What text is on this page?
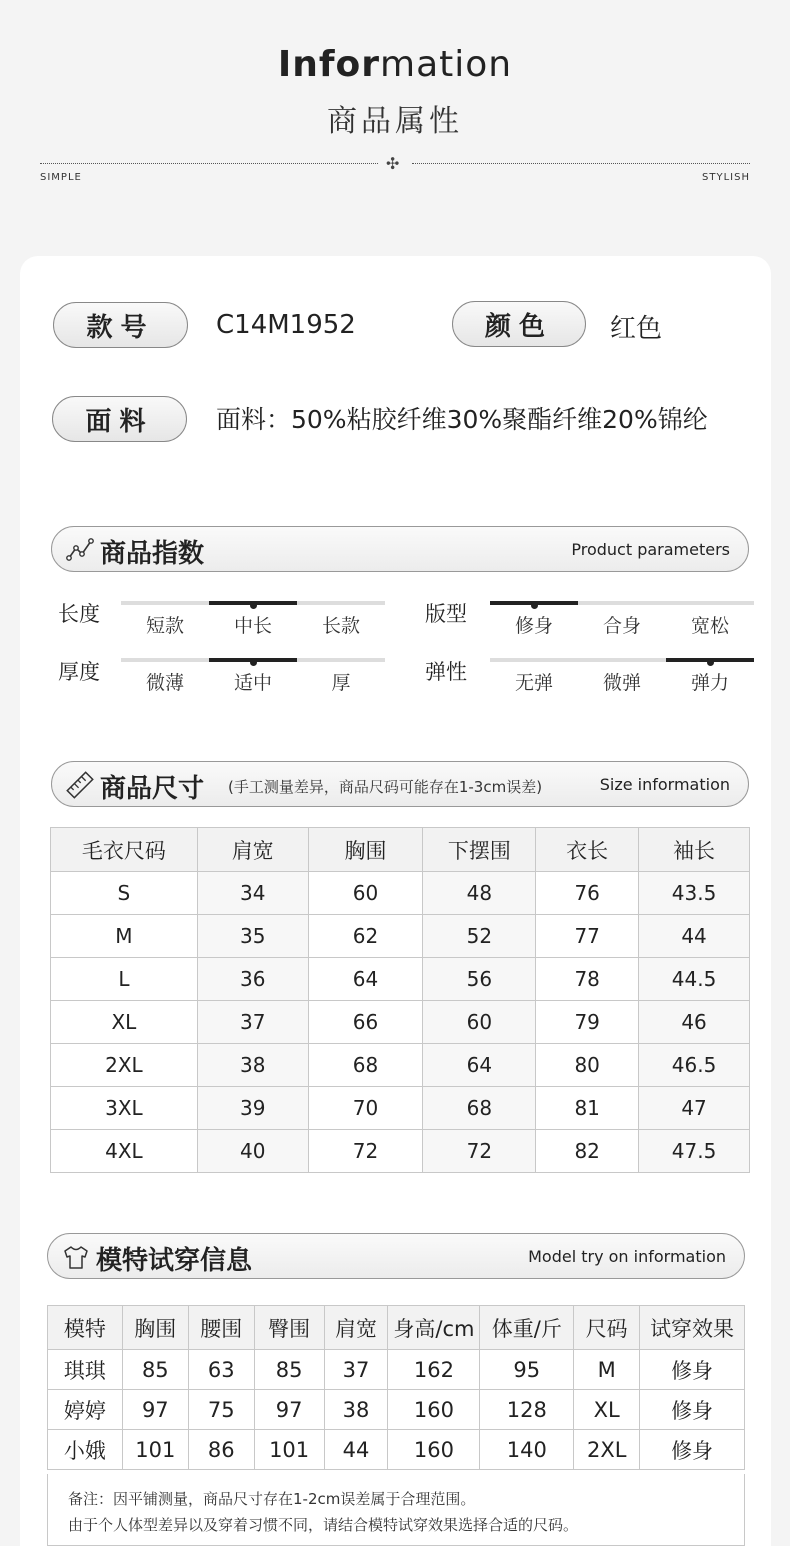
Information
商品属性
✣
SIMPLE	STYLISH
款号	C14M1952	颜色	红色
面料	面料：50%粘胶纤维30%聚酯纤维20%锦纶
商品指数	Product parameters
长度	短款	中长	长款
厚度	微薄	适中	厚
版型	修身	合身	宽松
弹性	无弹	微弹	弹力
商品尺寸 (手工测量差异，商品尺码可能存在1-3cm误差)	Size information
毛衣尺码	肩宽	胸围	下摆围	衣长	袖长
S	34	60	48	76	43.5
M	35	62	52	77	44
L	36	64	56	78	44.5
XL	37	66	60	79	46
2XL	38	68	64	80	46.5
3XL	39	70	68	81	47
4XL	40	72	72	82	47.5
模特试穿信息	Model try on information
模特	胸围	腰围	臀围	肩宽	身高/cm	体重/斤	尺码	试穿效果
琪琪	85	63	85	37	162	95	M	修身
婷婷	97	75	97	38	160	128	XL	修身
小娥	101	86	101	44	160	140	2XL	修身
备注：因平铺测量，商品尺寸存在1-2cm误差属于合理范围。
由于个人体型差异以及穿着习惯不同，请结合模特试穿效果选择合适的尺码。
